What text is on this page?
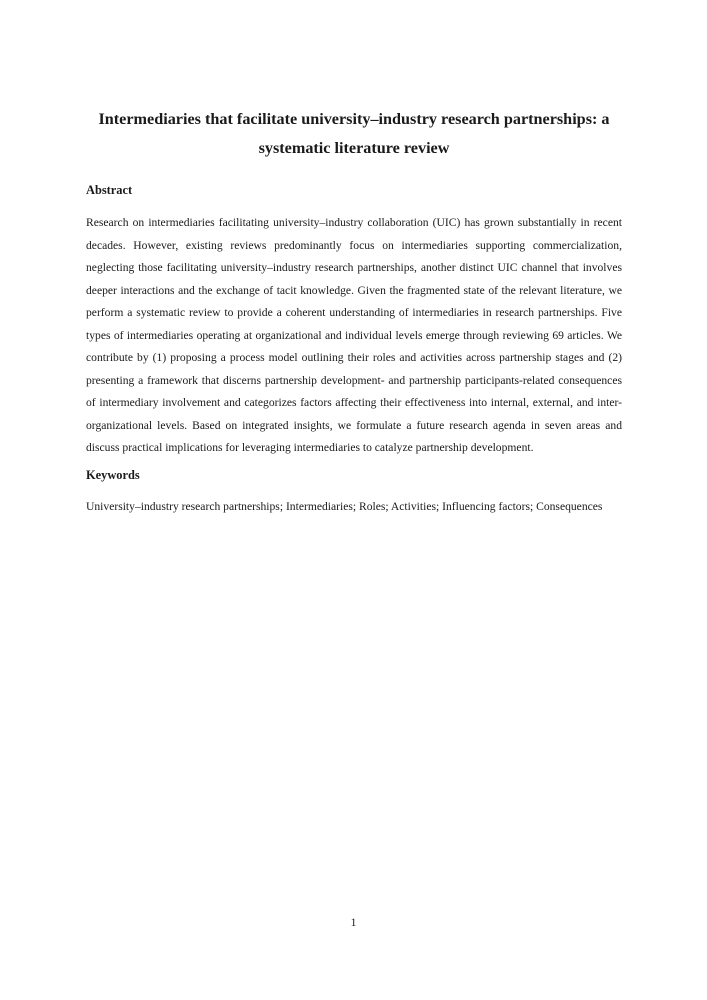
Intermediaries that facilitate university–industry research partnerships: a systematic literature review
Abstract

Research on intermediaries facilitating university–industry collaboration (UIC) has grown substantially in recent decades. However, existing reviews predominantly focus on intermediaries supporting commercialization, neglecting those facilitating university–industry research partnerships, another distinct UIC channel that involves deeper interactions and the exchange of tacit knowledge. Given the fragmented state of the relevant literature, we perform a systematic review to provide a coherent understanding of intermediaries in research partnerships. Five types of intermediaries operating at organizational and individual levels emerge through reviewing 69 articles. We contribute by (1) proposing a process model outlining their roles and activities across partnership stages and (2) presenting a framework that discerns partnership development- and partnership participants-related consequences of intermediary involvement and categorizes factors affecting their effectiveness into internal, external, and inter-organizational levels. Based on integrated insights, we formulate a future research agenda in seven areas and discuss practical implications for leveraging intermediaries to catalyze partnership development.

Keywords

University–industry research partnerships; Intermediaries; Roles; Activities; Influencing factors; Consequences

1
